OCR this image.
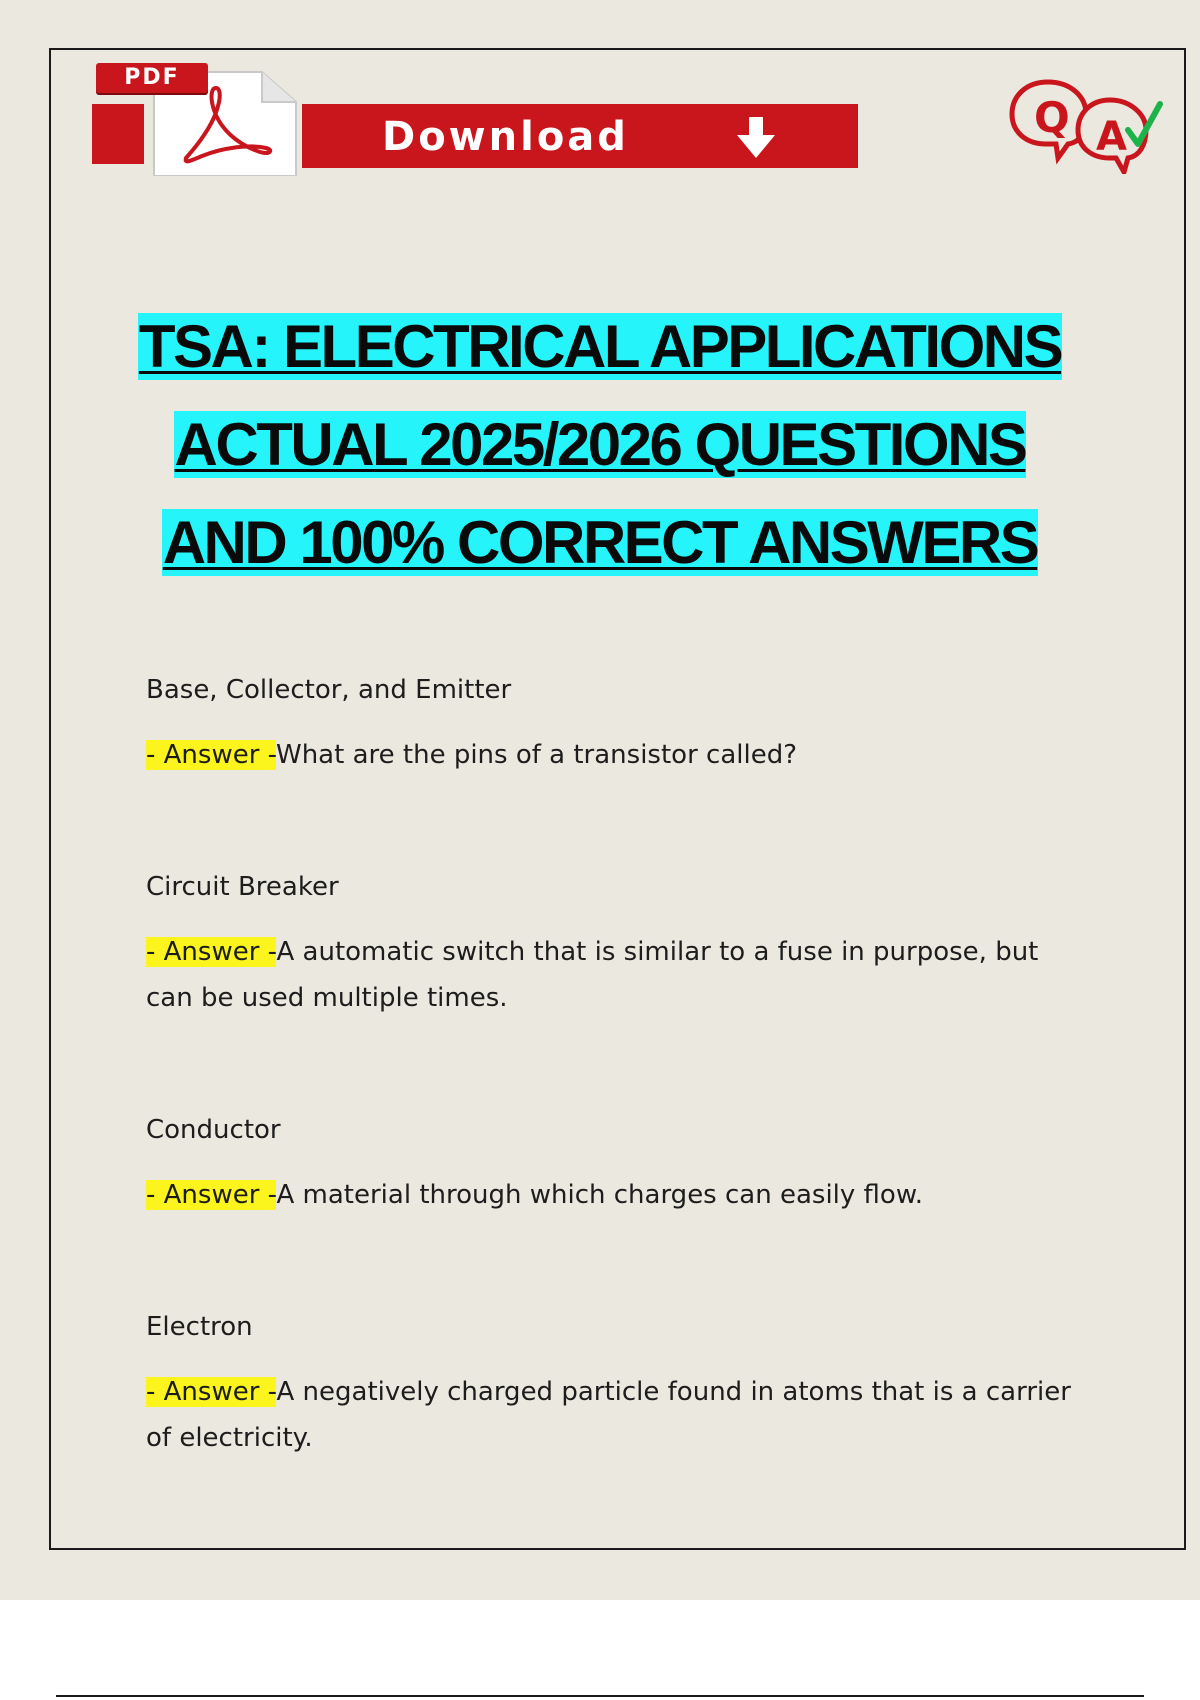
PDF
Download	Q A
TSA: ELECTRICAL APPLICATIONS
ACTUAL 2025/2026 QUESTIONS
AND 100% CORRECT ANSWERS

Base, Collector, and Emitter

- Answer -What are the pins of a transistor called?

Circuit Breaker

- Answer -A automatic switch that is similar to a fuse in purpose, but can be used multiple times.

Conductor

- Answer -A material through which charges can easily flow.

Electron

- Answer -A negatively charged particle found in atoms that is a carrier of electricity.
